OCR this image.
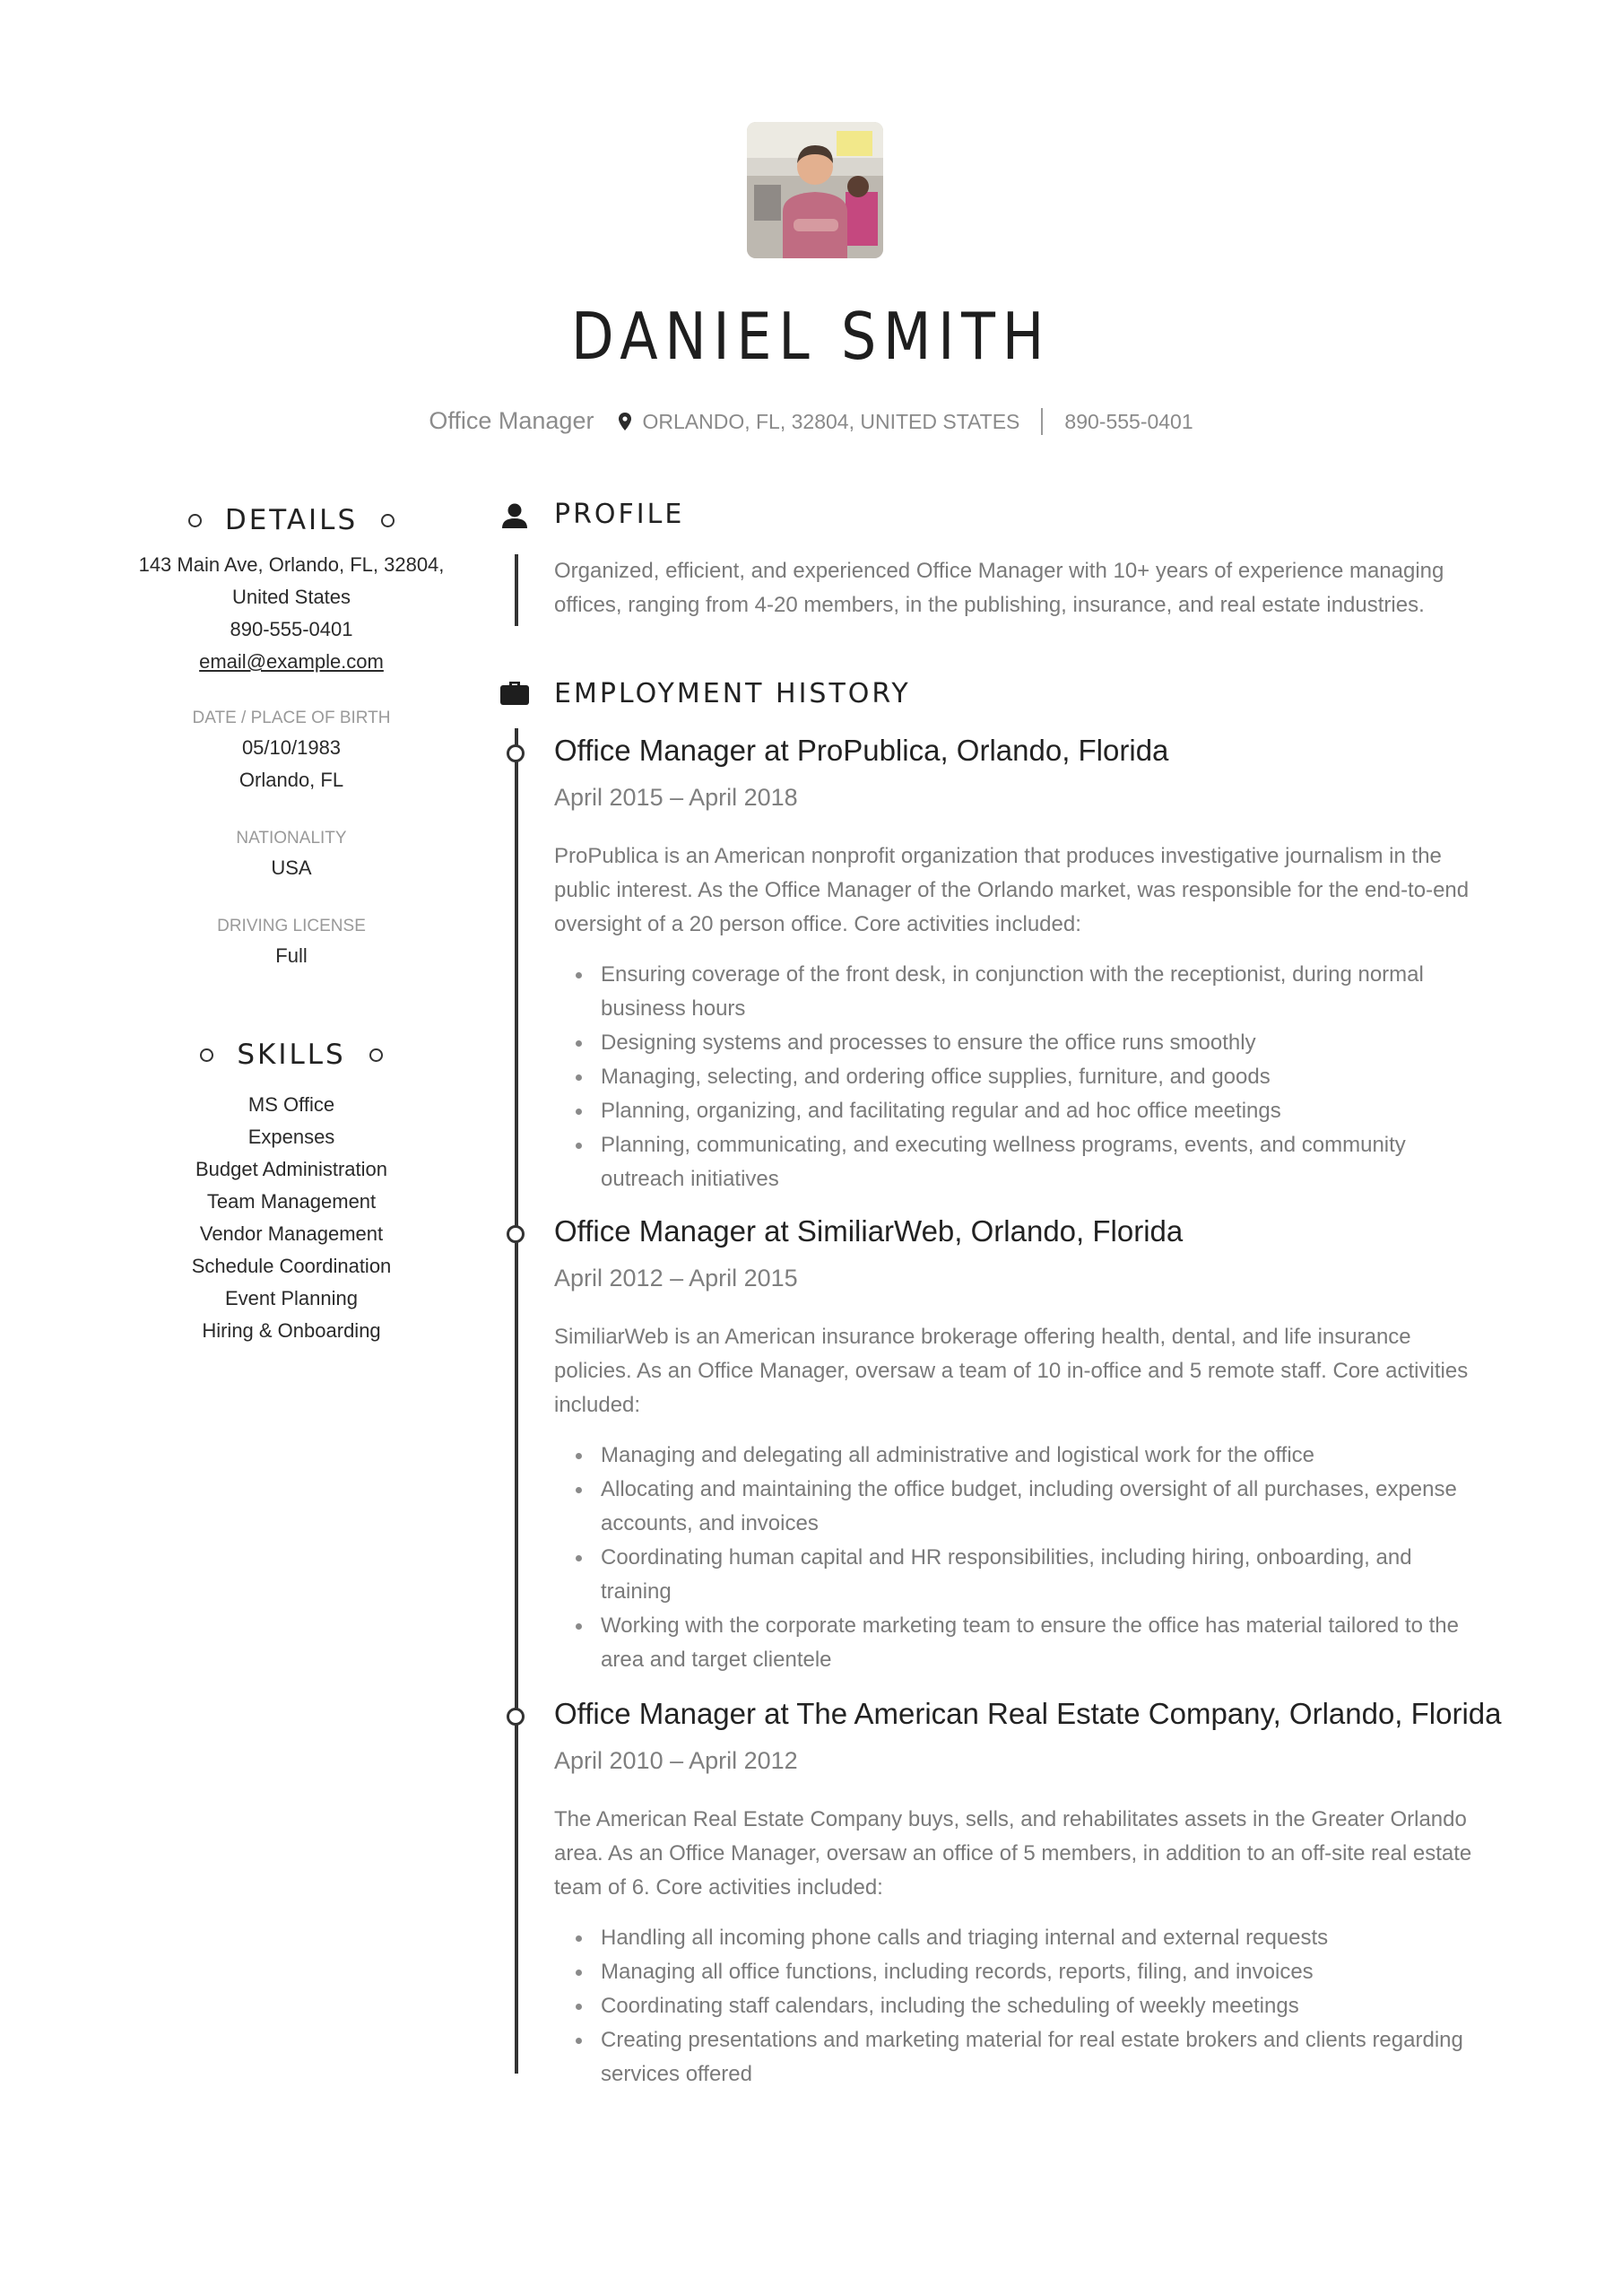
DANIEL SMITH
Office Manager ORLANDO, FL, 32804, UNITED STATES 890-555-0401
DETAILS
143 Main Ave, Orlando, FL, 32804,
United States
890-555-0401
email@example.com
DATE / PLACE OF BIRTH
05/10/1983
Orlando, FL
NATIONALITY
USA
DRIVING LICENSE
Full
SKILLS
MS Office
Expenses
Budget Administration
Team Management
Vendor Management
Schedule Coordination
Event Planning
Hiring & Onboarding
PROFILE
Organized, efficient, and experienced Office Manager with 10+ years of experience managing
offices, ranging from 4-20 members, in the publishing, insurance, and real estate industries.
EMPLOYMENT HISTORY
Office Manager at ProPublica, Orlando, Florida
April 2015 – April 2018
ProPublica is an American nonprofit organization that produces investigative journalism in the
public interest. As the Office Manager of the Orlando market, was responsible for the end-to-end
oversight of a 20 person office. Core activities included:
Ensuring coverage of the front desk, in conjunction with the receptionist, during normal
business hours
Designing systems and processes to ensure the office runs smoothly
Managing, selecting, and ordering office supplies, furniture, and goods
Planning, organizing, and facilitating regular and ad hoc office meetings
Planning, communicating, and executing wellness programs, events, and community
outreach initiatives
Office Manager at SimiliarWeb, Orlando, Florida
April 2012 – April 2015
SimiliarWeb is an American insurance brokerage offering health, dental, and life insurance
policies. As an Office Manager, oversaw a team of 10 in-office and 5 remote staff. Core activities
included:
Managing and delegating all administrative and logistical work for the office
Allocating and maintaining the office budget, including oversight of all purchases, expense
accounts, and invoices
Coordinating human capital and HR responsibilities, including hiring, onboarding, and
training
Working with the corporate marketing team to ensure the office has material tailored to the
area and target clientele
Office Manager at The American Real Estate Company, Orlando, Florida
April 2010 – April 2012
The American Real Estate Company buys, sells, and rehabilitates assets in the Greater Orlando
area. As an Office Manager, oversaw an office of 5 members, in addition to an off-site real estate
team of 6. Core activities included:
Handling all incoming phone calls and triaging internal and external requests
Managing all office functions, including records, reports, filing, and invoices
Coordinating staff calendars, including the scheduling of weekly meetings
Creating presentations and marketing material for real estate brokers and clients regarding
services offered
